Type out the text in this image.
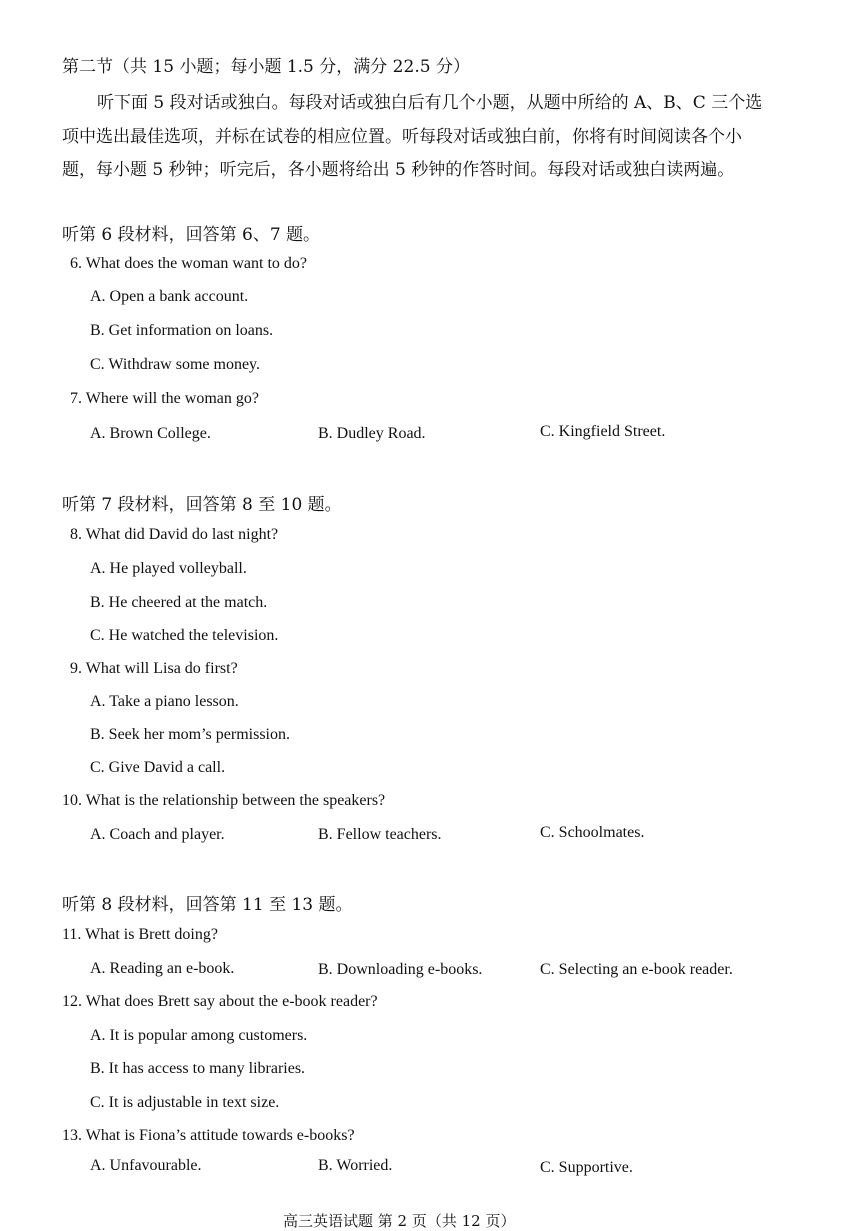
第二节（共 15 小题；每小题 1.5 分，满分 22.5 分）
听下面 5 段对话或独白。每段对话或独白后有几个小题，从题中所给的 A、B、C 三个选
项中选出最佳选项，并标在试卷的相应位置。听每段对话或独白前，你将有时间阅读各个小
题，每小题 5 秒钟；听完后，各小题将给出 5 秒钟的作答时间。每段对话或独白读两遍。
听第 6 段材料，回答第 6、7 题。
6. What does the woman want to do?
A. Open a bank account.
B. Get information on loans.
C. Withdraw some money.
7. Where will the woman go?
A. Brown College.	B. Dudley Road.	C. Kingfield Street.
听第 7 段材料，回答第 8 至 10 题。
8. What did David do last night?
A. He played volleyball.
B. He cheered at the match.
C. He watched the television.
9. What will Lisa do first?
A. Take a piano lesson.
B. Seek her mom’s permission.
C. Give David a call.
10. What is the relationship between the speakers?
A. Coach and player.	B. Fellow teachers.	C. Schoolmates.
听第 8 段材料，回答第 11 至 13 题。
11. What is Brett doing?
A. Reading an e-book.	B. Downloading e-books.	C. Selecting an e-book reader.
12. What does Brett say about the e-book reader?
A. It is popular among customers.
B. It has access to many libraries.
C. It is adjustable in text size.
13. What is Fiona’s attitude towards e-books?
A. Unfavourable.	B. Worried.	C. Supportive.
高三英语试题 第 2 页（共 12 页）
